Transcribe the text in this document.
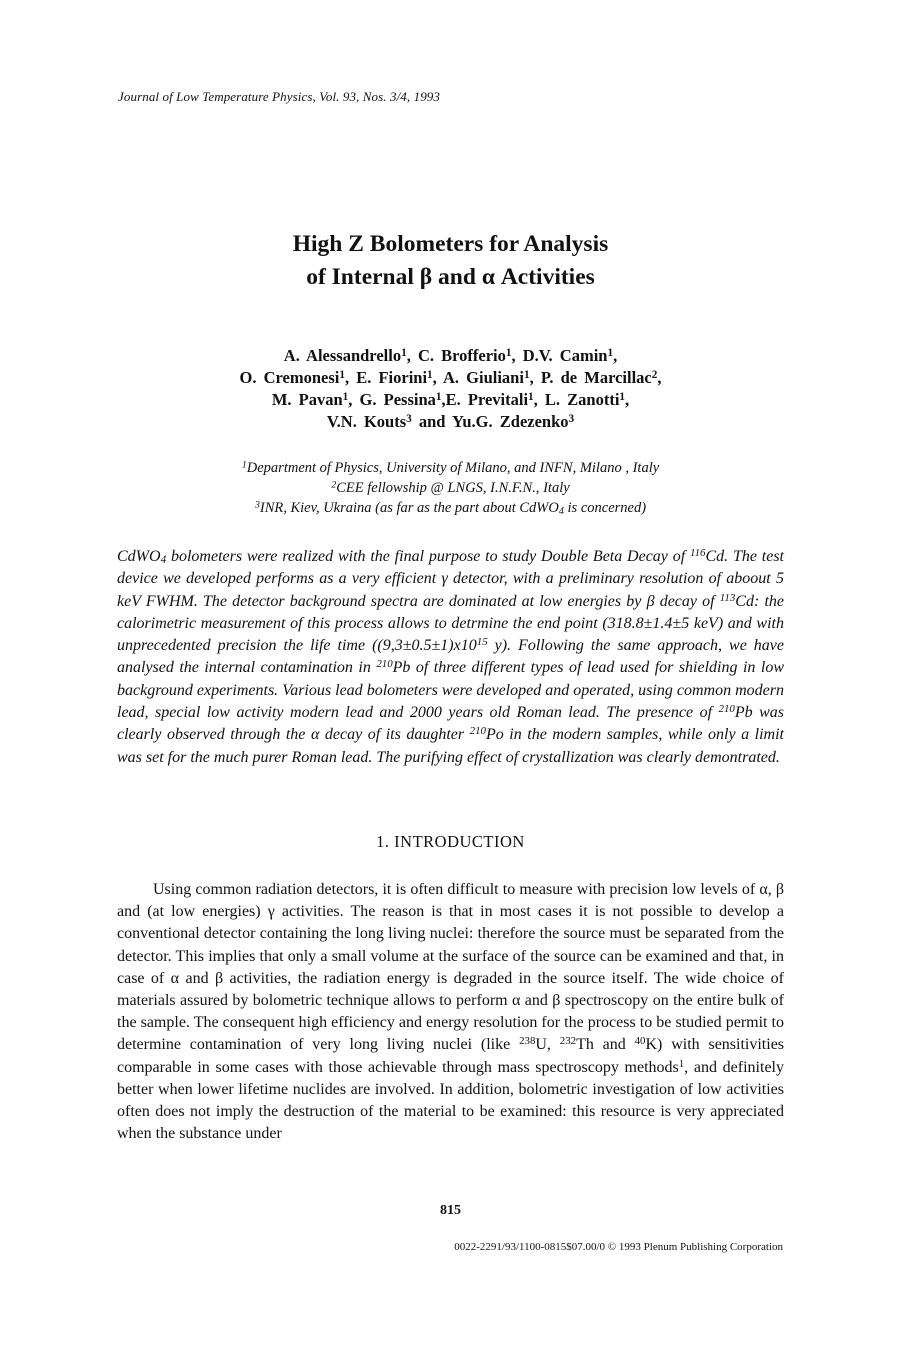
Journal of Low Temperature Physics, Vol. 93, Nos. 3/4, 1993
High Z Bolometers for Analysis
of Internal β and α Activities
A. Alessandrello$^1$, C. Brofferio$^1$, D.V. Camin$^1$,
O. Cremonesi$^1$, E. Fiorini$^1$, A. Giuliani$^1$, P. de Marcillac$^2$,
M. Pavan$^1$, G. Pessina$^1$,E. Previtali$^1$, L. Zanotti$^1$,
V.N. Kouts$^3$ and Yu.G. Zdezenko$^3$
$^1$Department of Physics, University of Milano, and INFN, Milano , Italy
$^2$CEE fellowship @ LNGS, I.N.F.N., Italy
$^3$INR, Kiev, Ukraina (as far as the part about CdWO$_4$ is concerned)
CdWO$_4$ bolometers were realized with the final purpose to study Double Beta Decay of $^{116}$Cd. The test device we developed performs as a very efficient γ detector, with a preliminary resolution of aboout 5 keV FWHM. The detector background spectra are dominated at low energies by β decay of $^{113}$Cd: the calorimetric measurement of this process allows to detrmine the end point (318.8±1.4±5 keV) and with unprecedented precision the life time ($(9,3\pm 0.5\pm 1)x10^{15}$ y). Following the same approach, we have analysed the internal contamination in $^{210}$Pb of three different types of lead used for shielding in low background experiments. Various lead bolometers were developed and operated, using common modern lead, special low activity modern lead and 2000 years old Roman lead. The presence of $^{210}$Pb was clearly observed through the α decay of its daughter $^{210}$Po in the modern samples, while only a limit was set for the much purer Roman lead. The purifying effect of crystallization was clearly demontrated.
1. INTRODUCTION

Using common radiation detectors, it is often difficult to measure with precision low levels of α, β and (at low energies) γ activities. The reason is that in most cases it is not possible to develop a conventional detector containing the long living nuclei: therefore the source must be separated from the detector. This implies that only a small volume at the surface of the source can be examined and that, in case of α and β activities, the radiation energy is degraded in the source itself. The wide choice of materials assured by bolometric technique allows to perform α and β spectroscopy on the entire bulk of the sample. The consequent high efficiency and energy resolution for the process to be studied permit to determine contamination of very long living nuclei (like $^{238}$U, $^{232}$Th and $^{40}$K) with sensitivities comparable in some cases with those achievable through mass spectroscopy methods$^1$, and definitely better when lower lifetime nuclides are involved. In addition, bolometric investigation of low activities often does not imply the destruction of the material to be examined: this resource is very appreciated when the substance under

815
0022-2291/93/1100-0815$07.00/0 © 1993 Plenum Publishing Corporation
